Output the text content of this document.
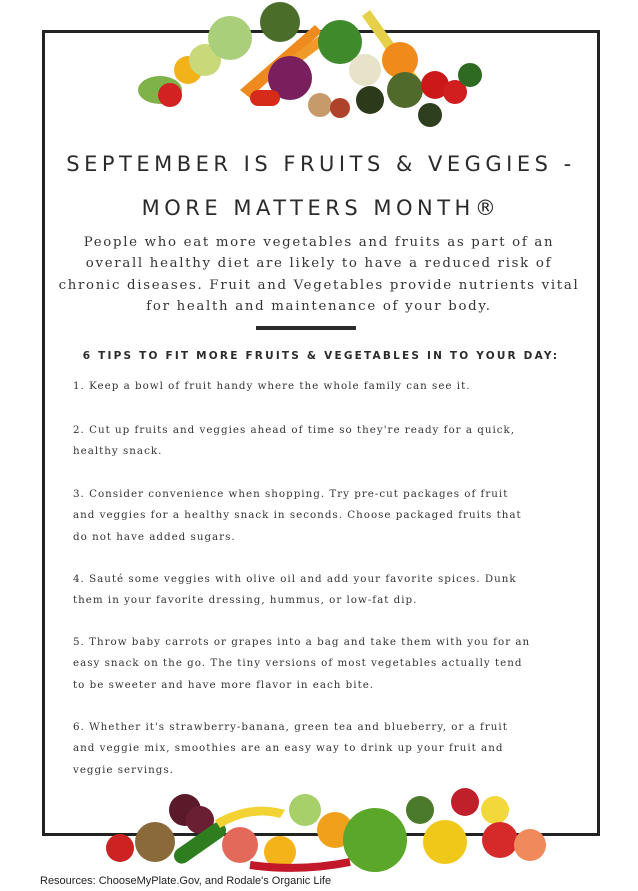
SEPTEMBER IS FRUITS & VEGGIES -
MORE MATTERS MONTH®

People who eat more vegetables and fruits as part of an overall healthy diet are likely to have a reduced risk of chronic diseases. Fruit and Vegetables provide nutrients vital for health and maintenance of your body.

6 TIPS TO FIT MORE FRUITS & VEGETABLES IN TO YOUR DAY:

1. Keep a bowl of fruit handy where the whole family can see it.

2. Cut up fruits and veggies ahead of time so they're ready for a quick, healthy snack.

3. Consider convenience when shopping. Try pre-cut packages of fruit and veggies for a healthy snack in seconds. Choose packaged fruits that do not have added sugars.

4. Sauté some veggies with olive oil and add your favorite spices. Dunk them in your favorite dressing, hummus, or low-fat dip.

5. Throw baby carrots or grapes into a bag and take them with you for an easy snack on the go. The tiny versions of most vegetables actually tend to be sweeter and have more flavor in each bite.

6. Whether it's strawberry-banana, green tea and blueberry, or a fruit and veggie mix, smoothies are an easy way to drink up your fruit and veggie servings.

Resources: ChooseMyPlate.Gov, and Rodale's Organic Life
